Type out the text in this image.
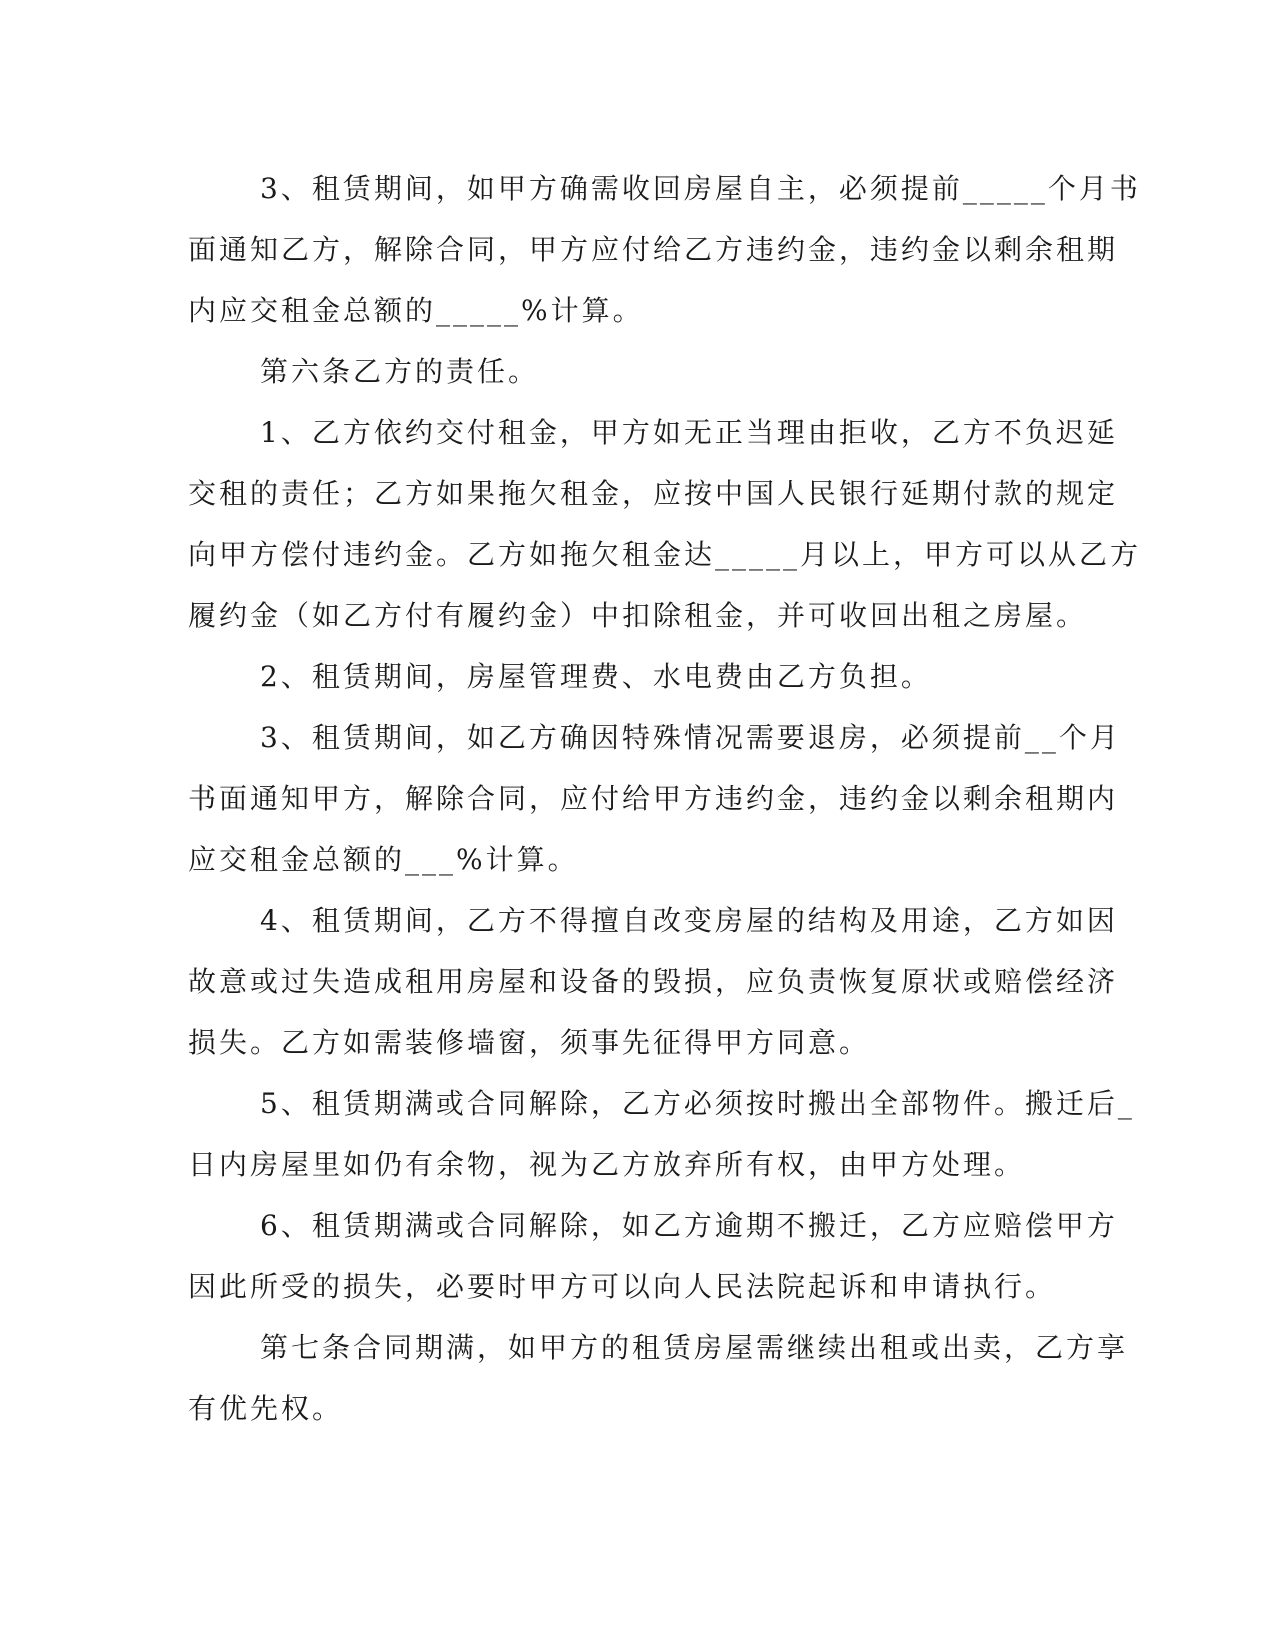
3、租赁期间，如甲方确需收回房屋自主，必须提前_____个月书
面通知乙方，解除合同，甲方应付给乙方违约金，违约金以剩余租期
内应交租金总额的_____%计算。
第六条乙方的责任。
1、乙方依约交付租金，甲方如无正当理由拒收，乙方不负迟延
交租的责任；乙方如果拖欠租金，应按中国人民银行延期付款的规定
向甲方偿付违约金。乙方如拖欠租金达_____月以上，甲方可以从乙方
履约金（如乙方付有履约金）中扣除租金，并可收回出租之房屋。
2、租赁期间，房屋管理费、水电费由乙方负担。
3、租赁期间，如乙方确因特殊情况需要退房，必须提前__个月
书面通知甲方，解除合同，应付给甲方违约金，违约金以剩余租期内
应交租金总额的___%计算。
4、租赁期间，乙方不得擅自改变房屋的结构及用途，乙方如因
故意或过失造成租用房屋和设备的毁损，应负责恢复原状或赔偿经济
损失。乙方如需装修墙窗，须事先征得甲方同意。
5、租赁期满或合同解除，乙方必须按时搬出全部物件。搬迁后_
日内房屋里如仍有余物，视为乙方放弃所有权，由甲方处理。
6、租赁期满或合同解除，如乙方逾期不搬迁，乙方应赔偿甲方
因此所受的损失，必要时甲方可以向人民法院起诉和申请执行。
第七条合同期满，如甲方的租赁房屋需继续出租或出卖，乙方享
有优先权。
